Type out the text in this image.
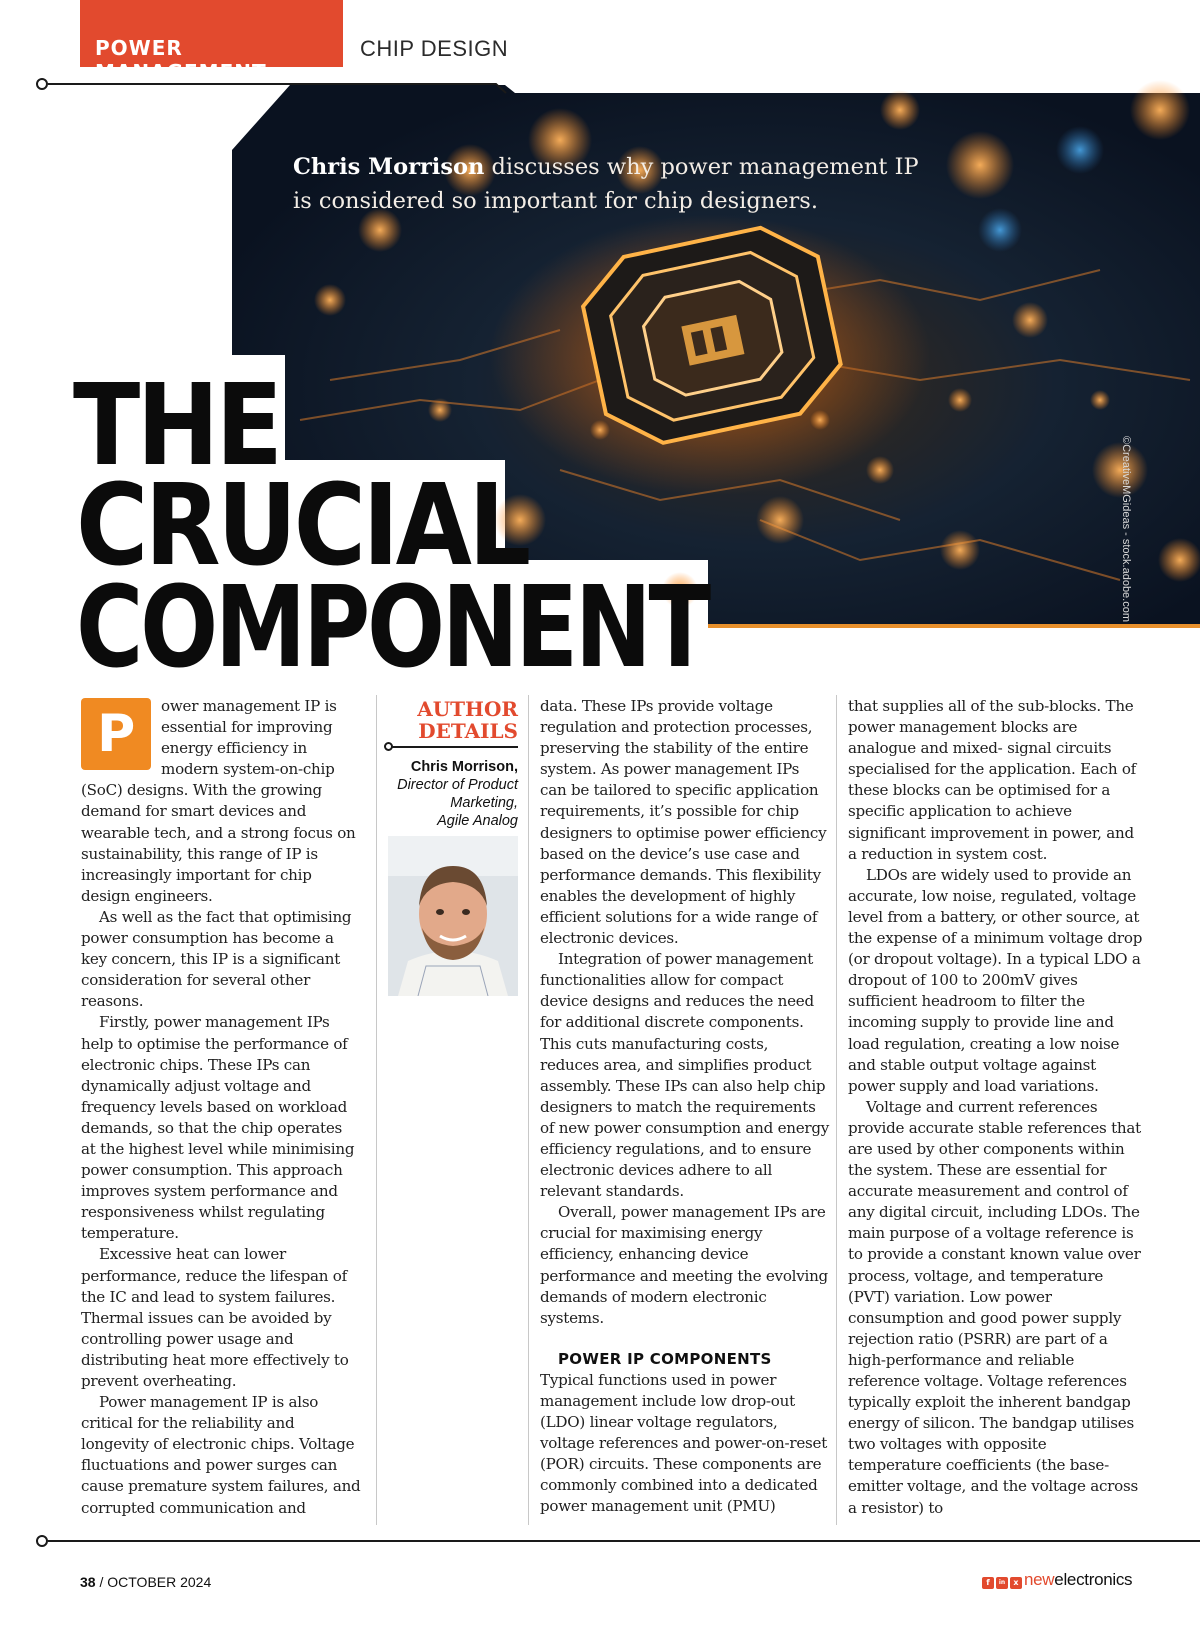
Chris Morrison discusses why power management IP is considered so important for chip designers.
©CreativeMGideas - stock.adobe.com
POWER MANAGEMENT
CHIP DESIGN
THE
CRUCIAL
COMPONENT

P	ower management IP is essential for improving energy efficiency in modern system-on-chip (SoC) designs. With the growing demand for smart devices and wearable tech, and a strong focus on sustainability, this range of IP is increasingly important for chip design engineers.

As well as the fact that optimising power consumption has become a key concern, this IP is a significant consideration for several other reasons.

Firstly, power management IPs help to optimise the performance of electronic chips. These IPs can dynamically adjust voltage and frequency levels based on workload demands, so that the chip operates at the highest level while minimising power consumption. This approach improves system performance and responsiveness whilst regulating temperature.

Excessive heat can lower performance, reduce the lifespan of the IC and lead to system failures. Thermal issues can be avoided by controlling power usage and distributing heat more effectively to prevent overheating.

Power management IP is also critical for the reliability and longevity of electronic chips. Voltage fluctuations and power surges can cause premature system failures, and corrupted communication and

AUTHOR
DETAILS
Chris Morrison,
Director of Product
Marketing,
Agile Analog

data. These IPs provide voltage regulation and protection processes, preserving the stability of the entire system. As power management IPs can be tailored to specific application requirements, it’s possible for chip designers to optimise power efficiency based on the device’s use case and performance demands. This flexibility enables the development of highly efficient solutions for a wide range of electronic devices.

Integration of power management functionalities allow for compact device designs and reduces the need for additional discrete components. This cuts manufacturing costs, reduces area, and simplifies product assembly. These IPs can also help chip designers to match the requirements of new power consumption and energy efficiency regulations, and to ensure electronic devices adhere to all relevant standards.

Overall, power management IPs are crucial for maximising energy efficiency, enhancing device performance and meeting the evolving demands of modern electronic systems.

POWER IP COMPONENTS

Typical functions used in power management include low drop-out (LDO) linear voltage regulators, voltage references and power-on-reset (POR) circuits. These components are commonly combined into a dedicated power management unit (PMU)

that supplies all of the sub-blocks. The power management blocks are analogue and mixed- signal circuits specialised for the application. Each of these blocks can be optimised for a specific application to achieve significant improvement in power, and a reduction in system cost.

LDOs are widely used to provide an accurate, low noise, regulated, voltage level from a battery, or other source, at the expense of a minimum voltage drop (or dropout voltage). In a typical LDO a dropout of 100 to 200mV gives sufficient headroom to filter the incoming supply to provide line and load regulation, creating a low noise and stable output voltage against power supply and load variations.

Voltage and current references provide accurate stable references that are used by other components within the system. These are essential for accurate measurement and control of any digital circuit, including LDOs. The main purpose of a voltage reference is to provide a constant known value over process, voltage, and temperature (PVT) variation. Low power consumption and good power supply rejection ratio (PSRR) are part of a high-performance and reliable reference voltage. Voltage references typically exploit the inherent bandgap energy of silicon. The bandgap utilises two voltages with opposite temperature coefficients (the base-emitter voltage, and the voltage across a resistor) to

38 / OCTOBER 2024	f	in	x newelectronics
